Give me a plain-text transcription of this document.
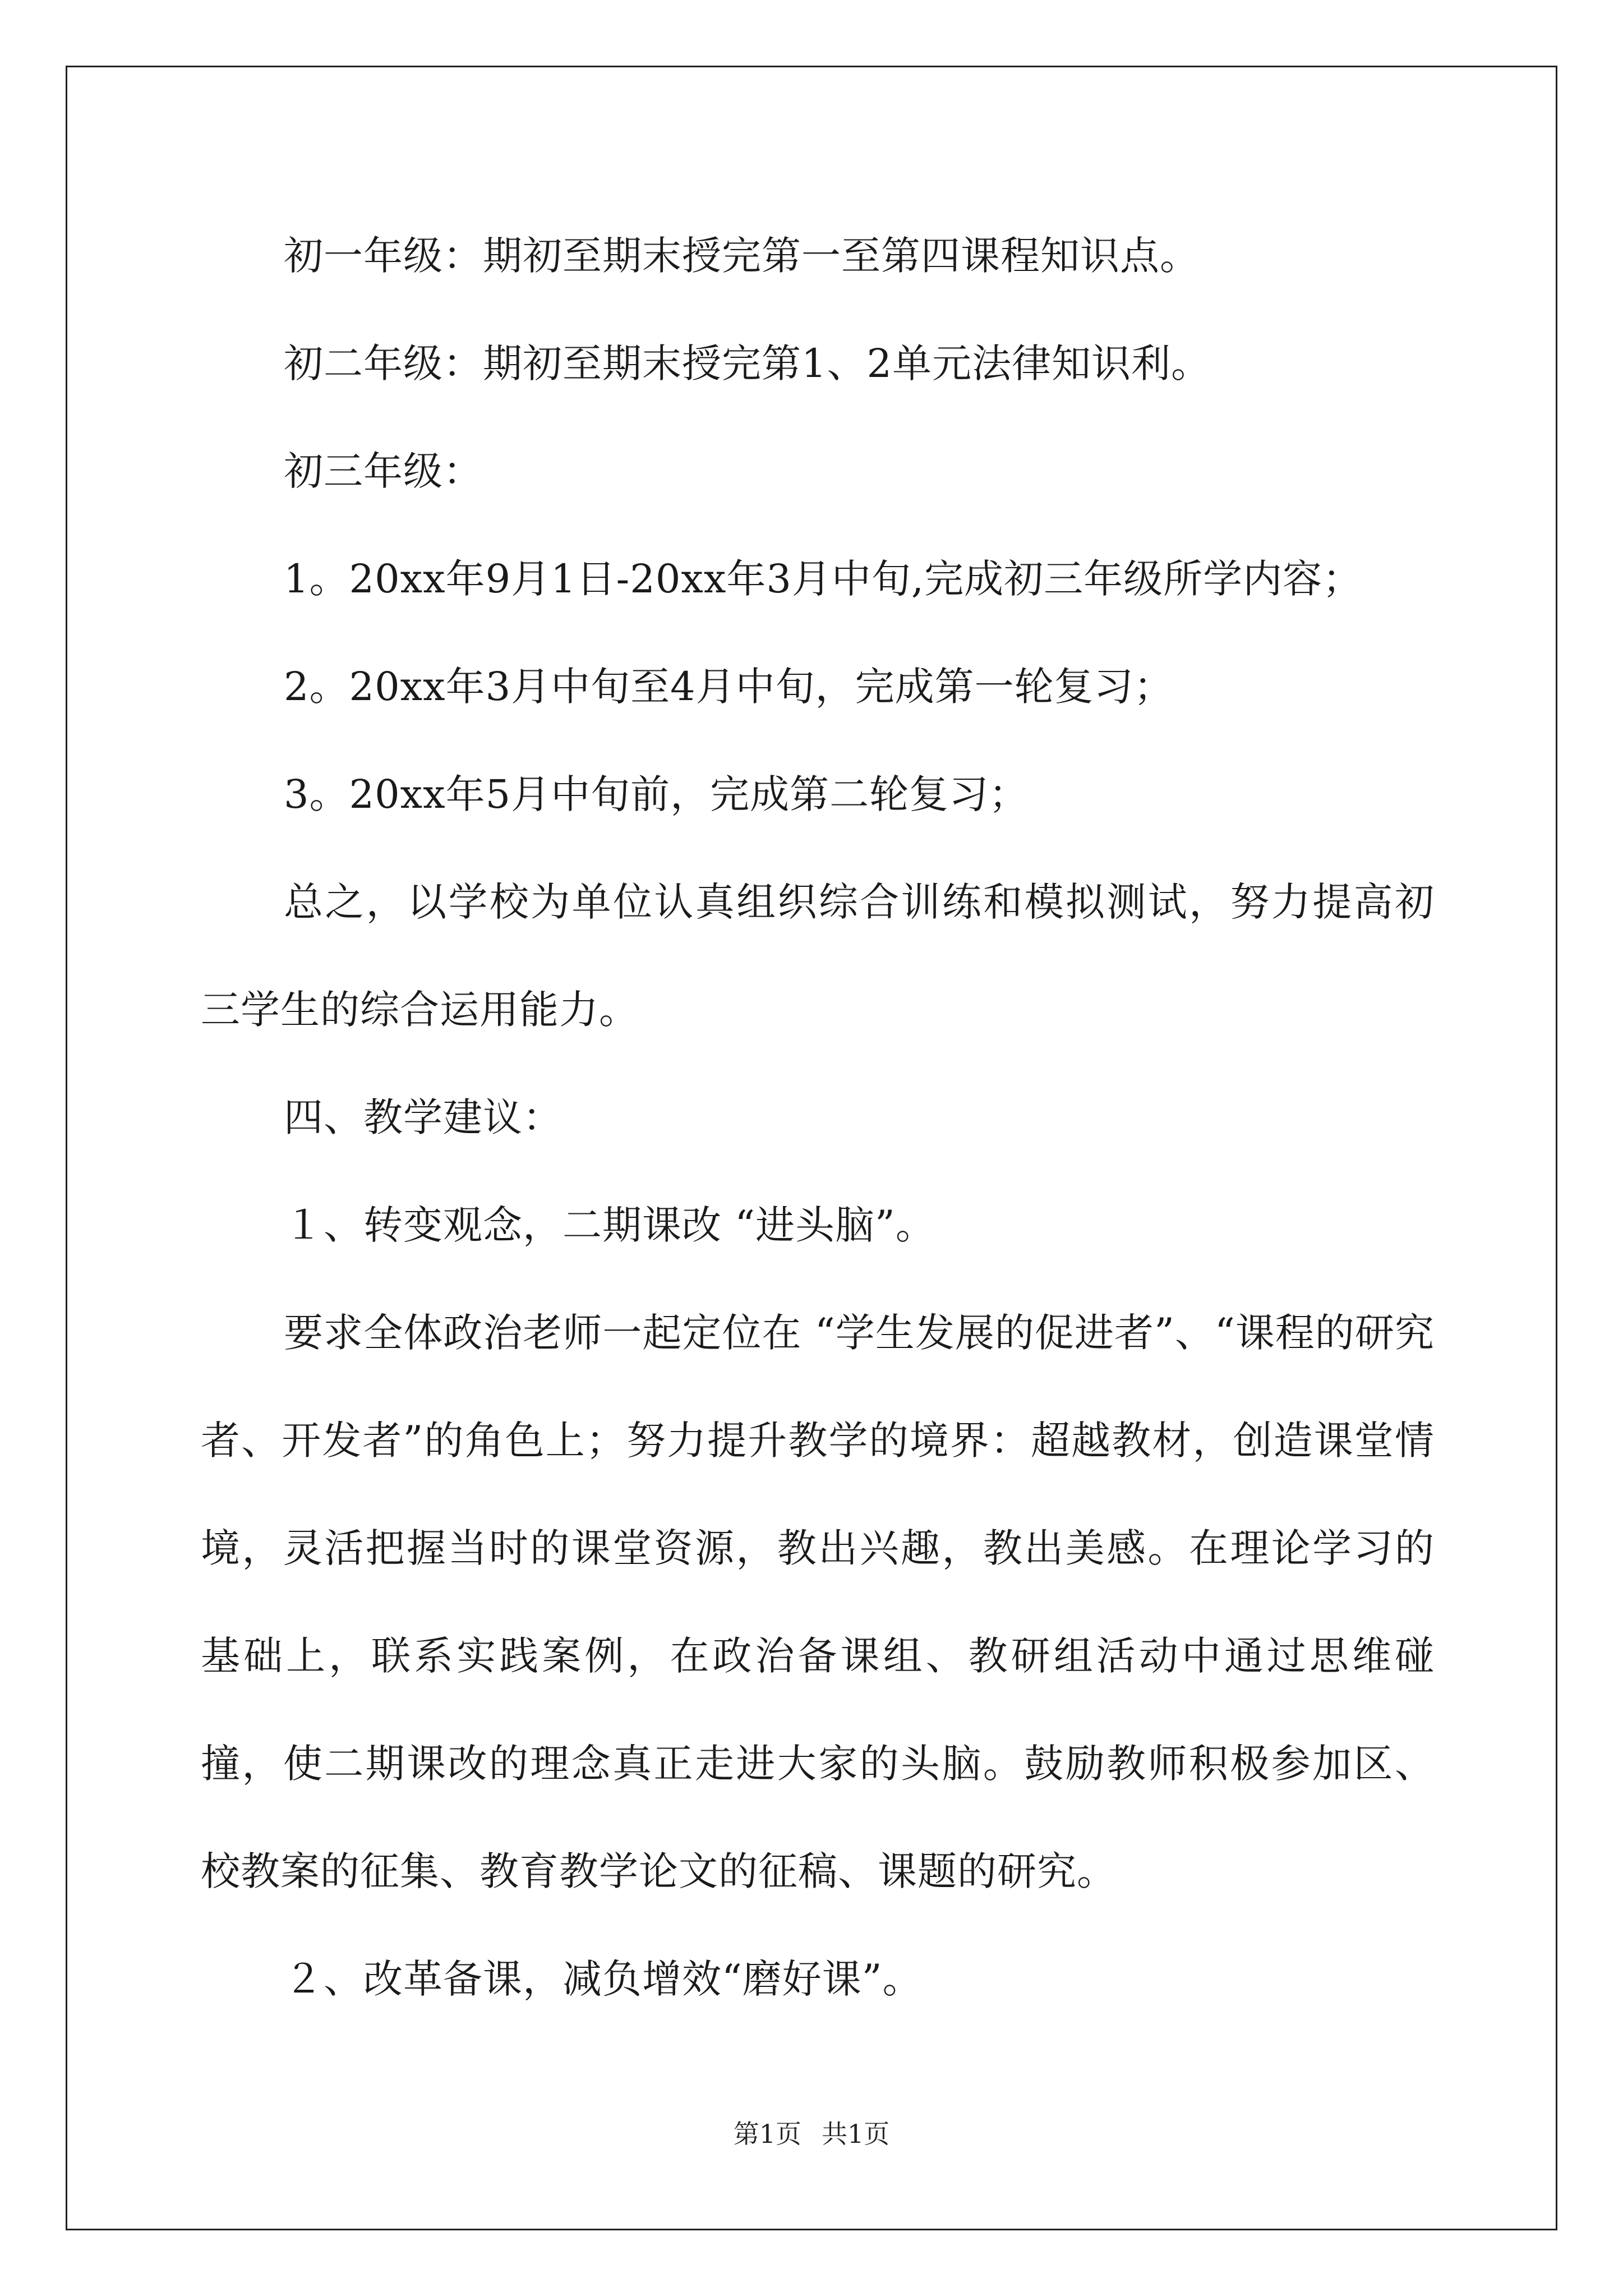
初一年级：期初至期末授完第一至第四课程知识点。

初二年级：期初至期末授完第1、2单元法律知识利。

初三年级：

1。20xx年9月1日-20xx年3月中旬,完成初三年级所学内容；

2。20xx年3月中旬至4月中旬，完成第一轮复习；

3。20xx年5月中旬前，完成第二轮复习；

总之，以学校为单位认真组织综合训练和模拟测试，努力提高初三学生的综合运用能力。

四、教学建议：

１、转变观念，二期课改 “进头脑”。

要求全体政治老师一起定位在 “学生发展的促进者”、“课程的研究者、开发者”的角色上；努力提升教学的境界：超越教材，创造课堂情境，灵活把握当时的课堂资源，教出兴趣，教出美感。在理论学习的基础上，联系实践案例，在政治备课组、教研组活动中通过思维碰撞，使二期课改的理念真正走进大家的头脑。鼓励教师积极参加区、校教案的征集、教育教学论文的征稿、课题的研究。

２、改革备课，减负增效“磨好课”。

第1页 共1页
